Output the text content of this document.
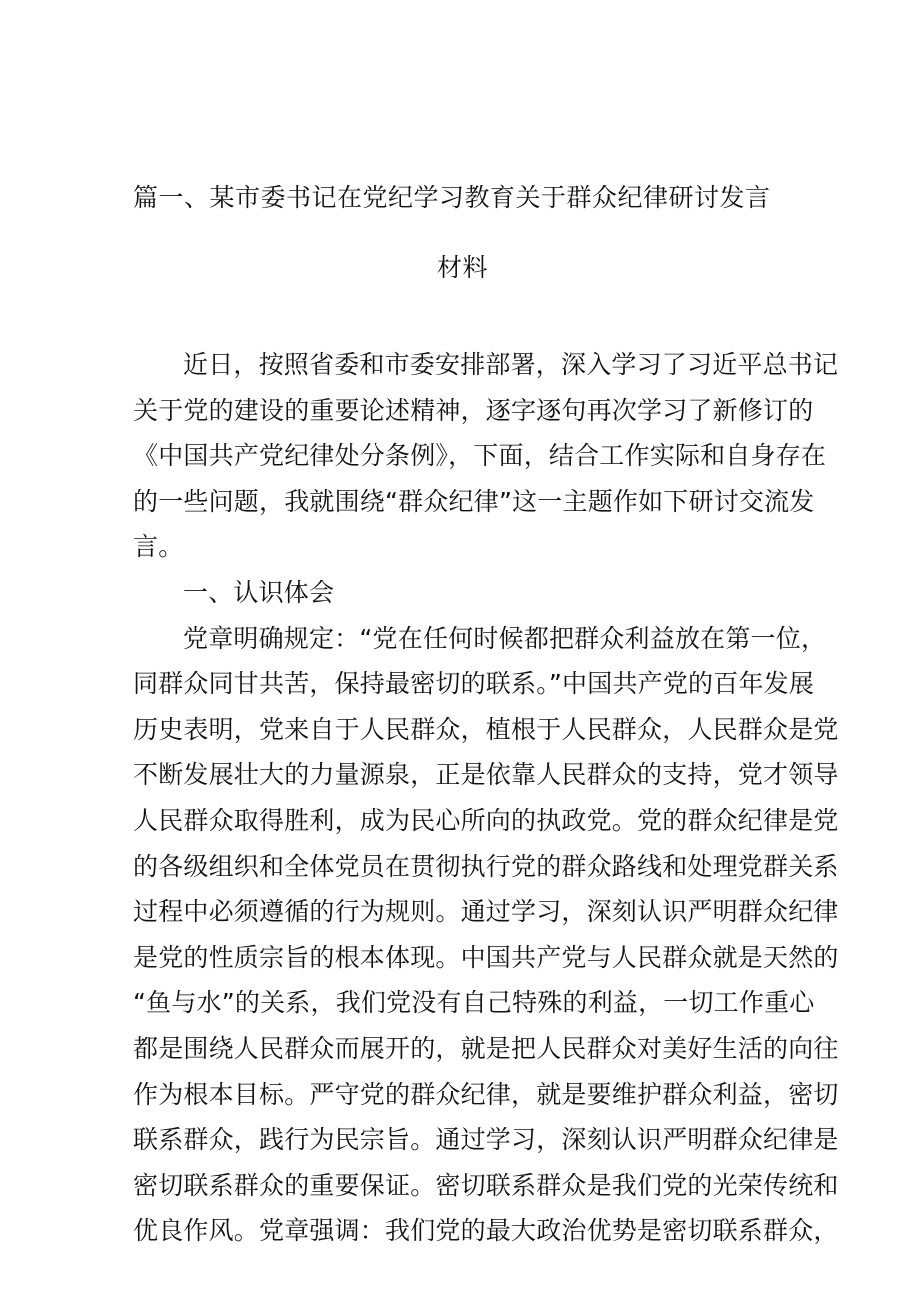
篇一、某市委书记在党纪学习教育关于群众纪律研讨发言
材料
近日，按照省委和市委安排部署，深入学习了习近平总书记
关于党的建设的重要论述精神，逐字逐句再次学习了新修订的
《中国共产党纪律处分条例》，下面，结合工作实际和自身存在
的一些问题，我就围绕“群众纪律”这一主题作如下研讨交流发
言。
一、认识体会
党章明确规定：“党在任何时候都把群众利益放在第一位，
同群众同甘共苦，保持最密切的联系。”中国共产党的百年发展
历史表明，党来自于人民群众，植根于人民群众，人民群众是党
不断发展壮大的力量源泉，正是依靠人民群众的支持，党才领导
人民群众取得胜利，成为民心所向的执政党。党的群众纪律是党
的各级组织和全体党员在贯彻执行党的群众路线和处理党群关系
过程中必须遵循的行为规则。通过学习，深刻认识严明群众纪律
是党的性质宗旨的根本体现。中国共产党与人民群众就是天然的
“鱼与水”的关系，我们党没有自己特殊的利益，一切工作重心
都是围绕人民群众而展开的，就是把人民群众对美好生活的向往
作为根本目标。严守党的群众纪律，就是要维护群众利益，密切
联系群众，践行为民宗旨。通过学习，深刻认识严明群众纪律是
密切联系群众的重要保证。密切联系群众是我们党的光荣传统和
优良作风。党章强调：我们党的最大政治优势是密切联系群众，
